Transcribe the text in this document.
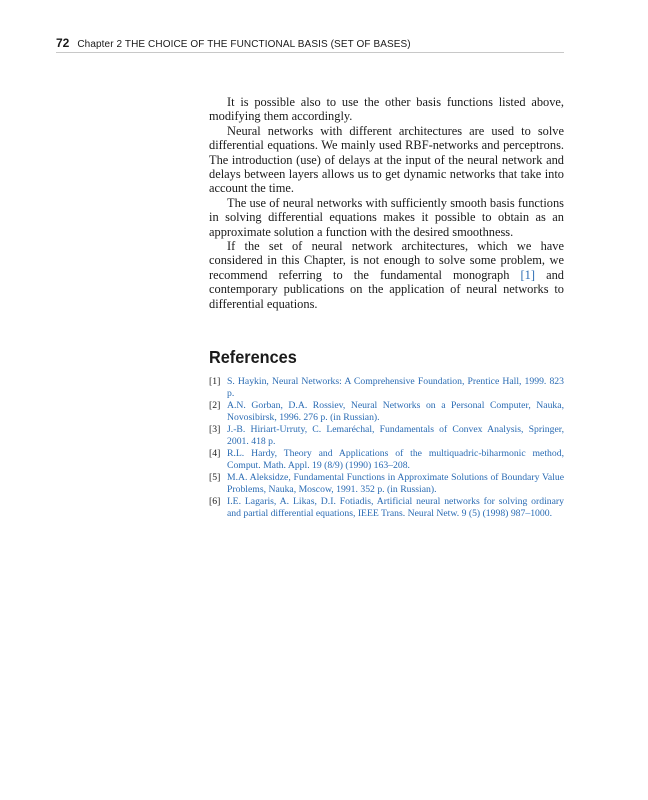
72 Chapter 2 THE CHOICE OF THE FUNCTIONAL BASIS (SET OF BASES)

It is possible also to use the other basis functions listed above, modifying them accordingly.

Neural networks with different architectures are used to solve differential equations. We mainly used RBF-networks and perceptrons. The introduction (use) of delays at the input of the neural network and delays between layers allows us to get dynamic networks that take into account the time.

The use of neural networks with sufficiently smooth basis functions in solving differential equations makes it possible to obtain as an approximate solution a function with the desired smoothness.

If the set of neural network architectures, which we have considered in this Chapter, is not enough to solve some problem, we recommend referring to the fundamental monograph [1] and contemporary publications on the application of neural networks to differential equations.

References
[1] S. Haykin, Neural Networks: A Comprehensive Foundation, Prentice Hall, 1999. 823 p.
[2] A.N. Gorban, D.A. Rossiev, Neural Networks on a Personal Computer, Nauka, Novosibirsk, 1996. 276 p. (in Russian).
[3] J.-B. Hiriart-Urruty, C. Lemaréchal, Fundamentals of Convex Analysis, Springer, 2001. 418 p.
[4] R.L. Hardy, Theory and Applications of the multiquadric-biharmonic method, Comput. Math. Appl. 19 (8/9) (1990) 163–208.
[5] M.A. Aleksidze, Fundamental Functions in Approximate Solutions of Boundary Value Problems, Nauka, Moscow, 1991. 352 p. (in Russian).
[6] I.E. Lagaris, A. Likas, D.I. Fotiadis, Artificial neural networks for solving ordinary and partial differential equations, IEEE Trans. Neural Netw. 9 (5) (1998) 987–1000.
